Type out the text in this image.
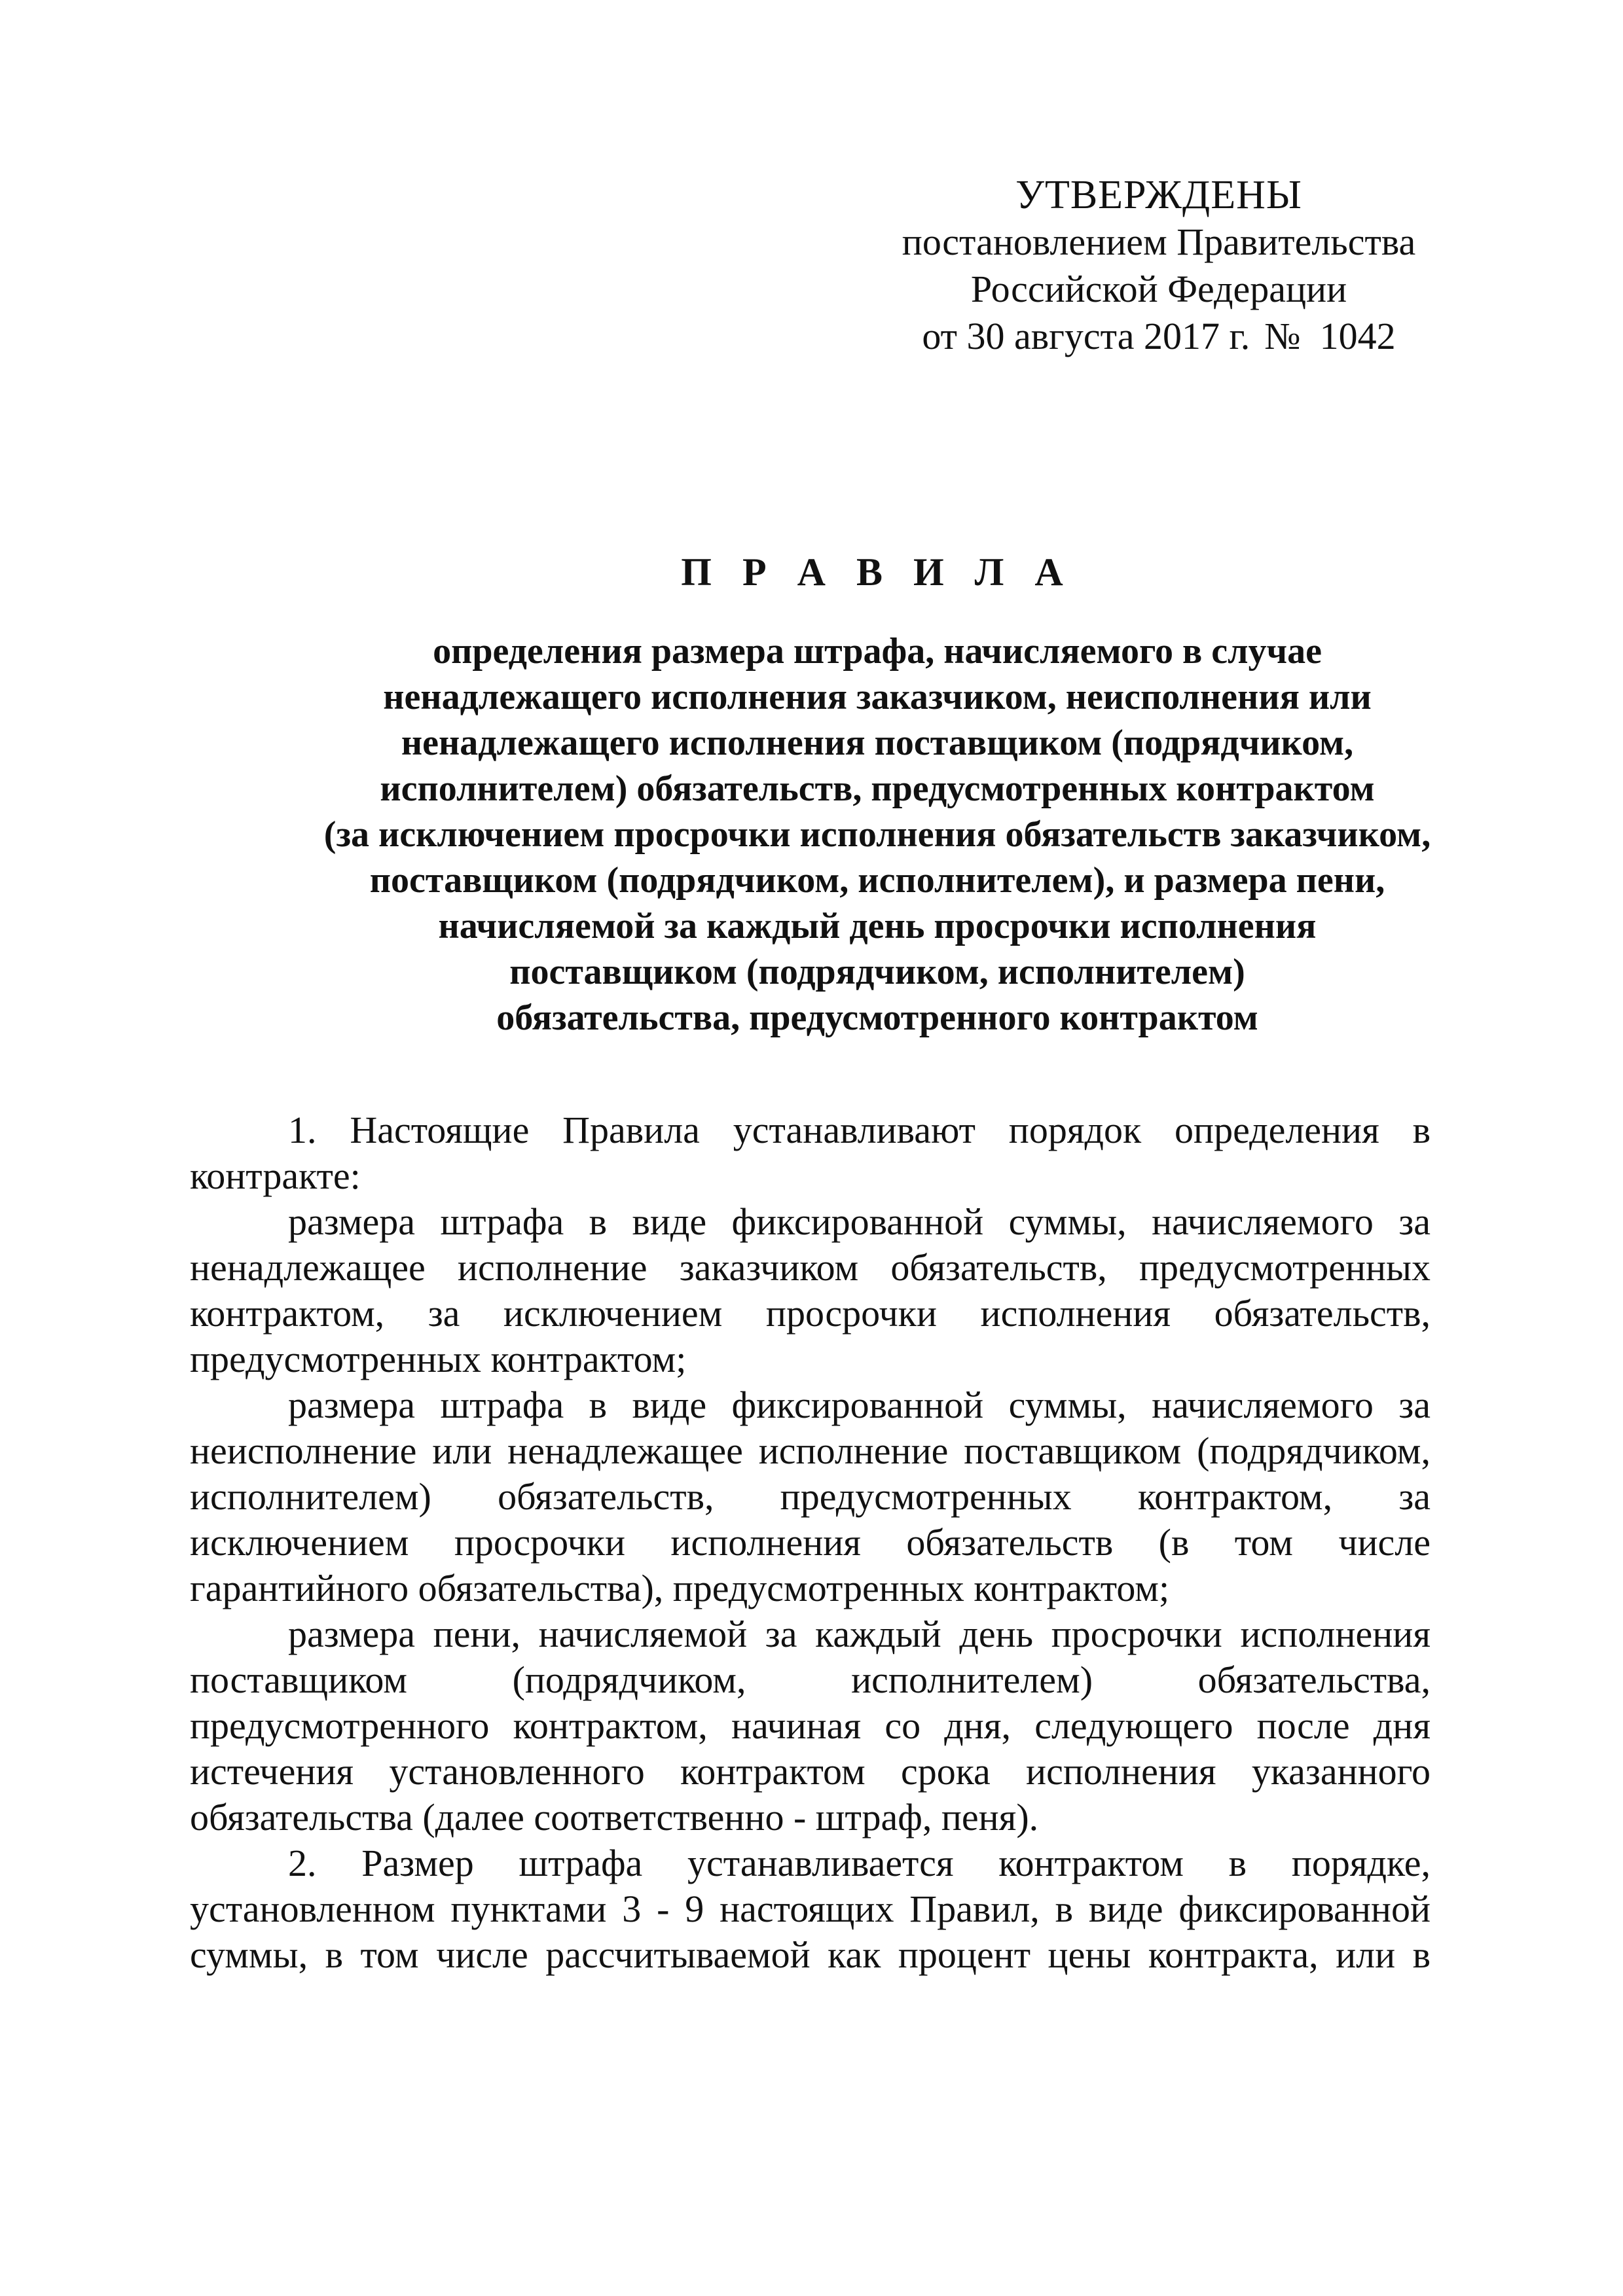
УТВЕРЖДЕНЫ
постановлением Правительства
Российской Федерации
от 30 августа 2017 г. № 1042
П Р А В И Л А
определения размера штрафа, начисляемого в случае
ненадлежащего исполнения заказчиком, неисполнения или
ненадлежащего исполнения поставщиком (подрядчиком,
исполнителем) обязательств, предусмотренных контрактом
(за исключением просрочки исполнения обязательств заказчиком,
поставщиком (подрядчиком, исполнителем), и размера пени,
начисляемой за каждый день просрочки исполнения
поставщиком (подрядчиком, исполнителем)
обязательства, предусмотренного контрактом
1. Настоящие Правила устанавливают порядок определения в
контракте:
размера штрафа в виде фиксированной суммы, начисляемого за
ненадлежащее исполнение заказчиком обязательств, предусмотренных
контрактом, за исключением просрочки исполнения обязательств,
предусмотренных контрактом;
размера штрафа в виде фиксированной суммы, начисляемого за
неисполнение или ненадлежащее исполнение поставщиком (подрядчиком,
исполнителем) обязательств, предусмотренных контрактом, за
исключением просрочки исполнения обязательств (в том числе
гарантийного обязательства), предусмотренных контрактом;
размера пени, начисляемой за каждый день просрочки исполнения
поставщиком (подрядчиком, исполнителем) обязательства,
предусмотренного контрактом, начиная со дня, следующего после дня
истечения установленного контрактом срока исполнения указанного
обязательства (далее соответственно - штраф, пеня).
2. Размер штрафа устанавливается контрактом в порядке,
установленном пунктами 3 - 9 настоящих Правил, в виде фиксированной
суммы, в том числе рассчитываемой как процент цены контракта, или в
